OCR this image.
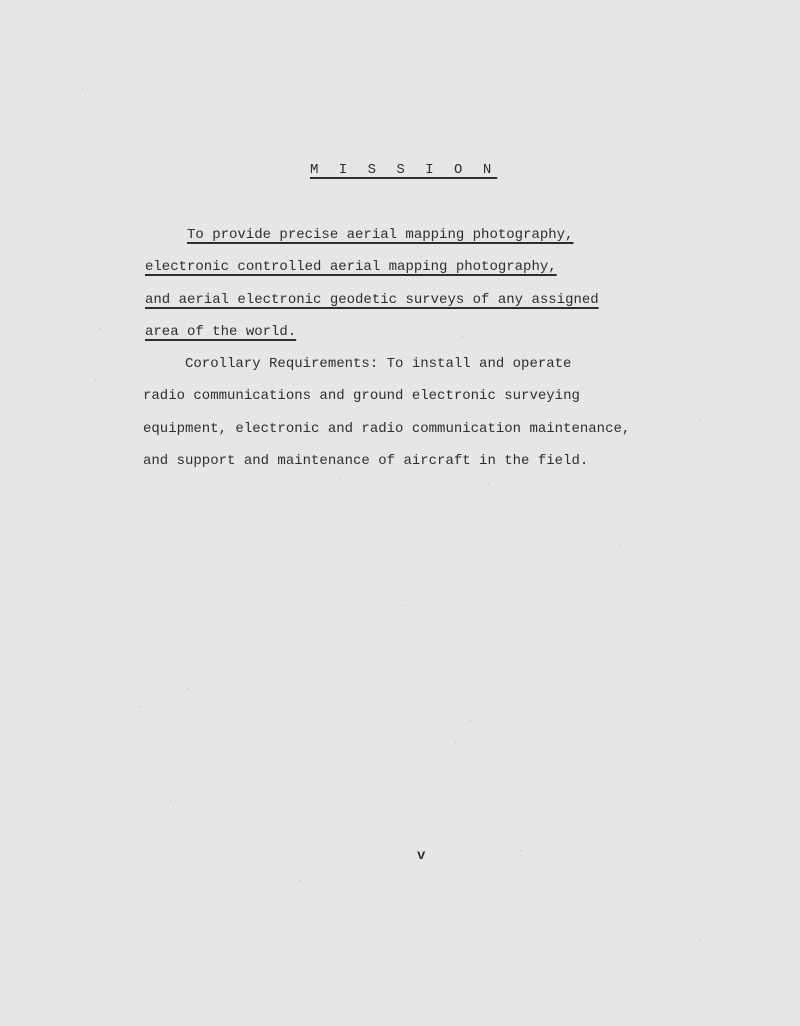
M I S S I O N
To provide precise aerial mapping photography,
electronic controlled aerial mapping photography,
and aerial electronic geodetic surveys of any assigned
area of the world.
Corollary Requirements: To install and operate
radio communications and ground electronic surveying
equipment, electronic and radio communication maintenance,
and support and maintenance of aircraft in the field.
v
